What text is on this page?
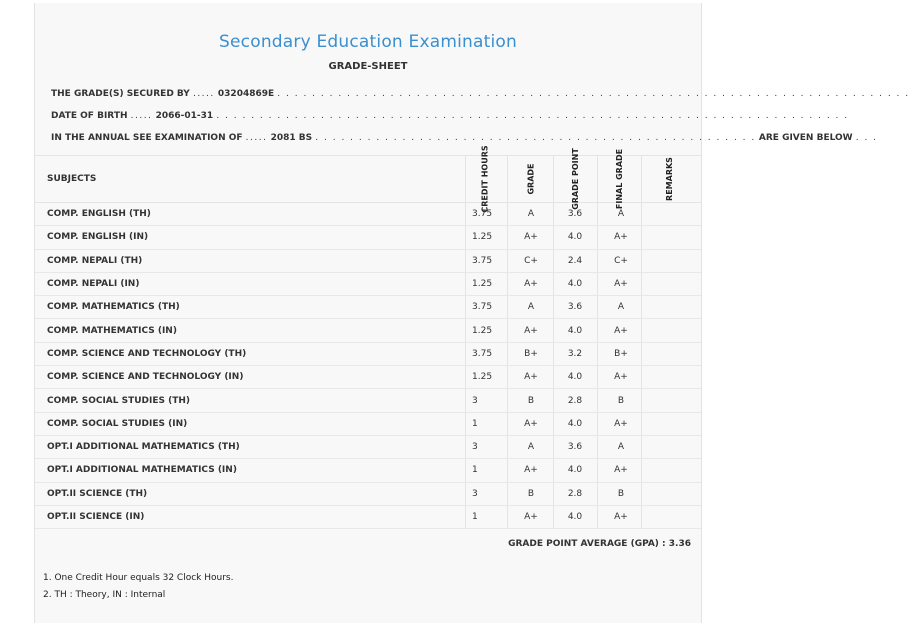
Secondary Education Examination
GRADE-SHEET
THE GRADE(S) SECURED BY ..... 03204869E . . . . . . . . . . . . . . . . . . . . . . . . . . . . . . . . . . . . . . . . . . . . . . . . . . . . . . . . . . . . . . . . . . . . . . . . .
DATE OF BIRTH ..... 2066-01-31 . . . . . . . . . . . . . . . . . . . . . . . . . . . . . . . . . . . . . . . . . . . . . . . . . . . . . . . . . . . . . . . . . . . . . . . . .
IN THE ANNUAL SEE EXAMINATION OF ..... 2081 BS . . . . . . . . . . . . . . . . . . . . . . . . . . . . . . . . . . . . . . . . . . . . . . . . . . . ARE GIVEN BELOW . . .
SUBJECTS	CREDIT HOURS	GRADE	GRADE POINT	FINAL GRADE	REMARKS
COMP. ENGLISH (TH)	3.75	A	3.6	A
COMP. ENGLISH (IN)	1.25	A+	4.0	A+
COMP. NEPALI (TH)	3.75	C+	2.4	C+
COMP. NEPALI (IN)	1.25	A+	4.0	A+
COMP. MATHEMATICS (TH)	3.75	A	3.6	A
COMP. MATHEMATICS (IN)	1.25	A+	4.0	A+
COMP. SCIENCE AND TECHNOLOGY (TH)	3.75	B+	3.2	B+
COMP. SCIENCE AND TECHNOLOGY (IN)	1.25	A+	4.0	A+
COMP. SOCIAL STUDIES (TH)	3	B	2.8	B
COMP. SOCIAL STUDIES (IN)	1	A+	4.0	A+
OPT.I ADDITIONAL MATHEMATICS (TH)	3	A	3.6	A
OPT.I ADDITIONAL MATHEMATICS (IN)	1	A+	4.0	A+
OPT.II SCIENCE (TH)	3	B	2.8	B
OPT.II SCIENCE (IN)	1	A+	4.0	A+
GRADE POINT AVERAGE (GPA) : 3.36
1. One Credit Hour equals 32 Clock Hours.
2. TH : Theory, IN : Internal
